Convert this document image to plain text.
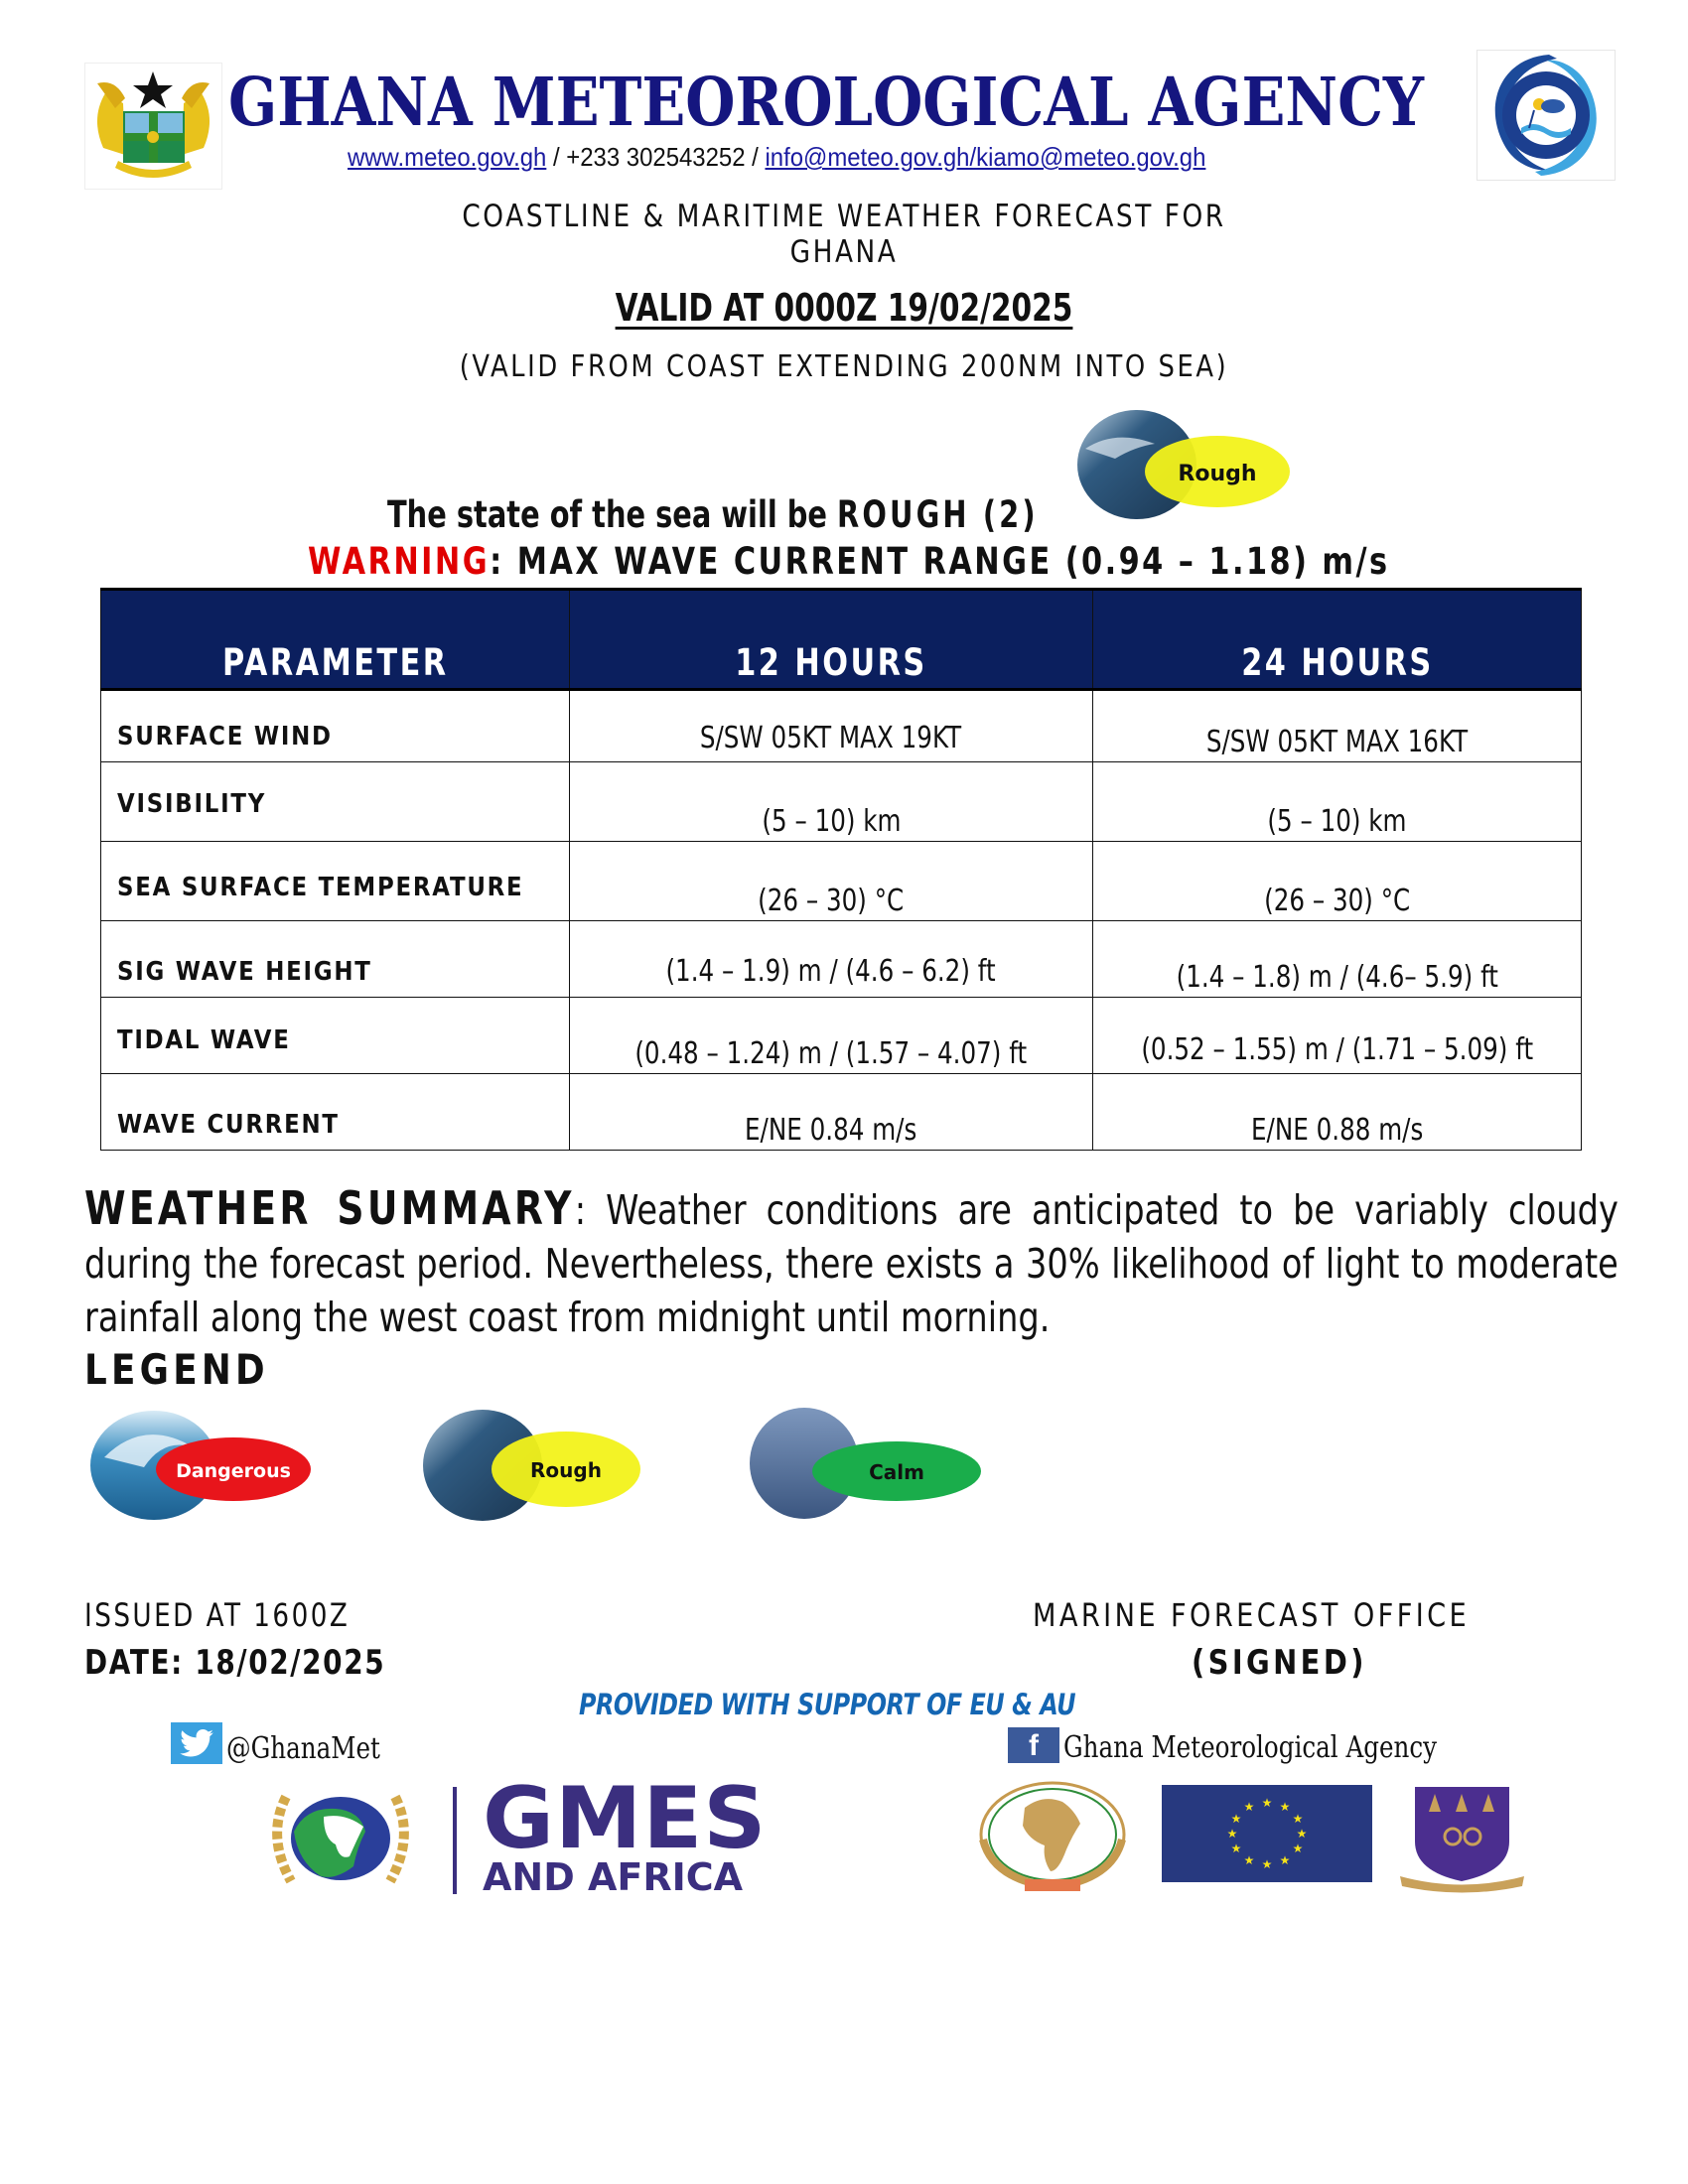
GHANA METEOROLOGICAL AGENCY
www.meteo.gov.gh / +233 302543252 / info@meteo.gov.gh/kiamo@meteo.gov.gh
COASTLINE & MARITIME WEATHER FORECAST FOR
GHANA
VALID AT 0000Z 19/02/2025
(VALID FROM COAST EXTENDING 200NM INTO SEA)
Rough
The state of the sea will be ROUGH (2)
WARNING: MAX WAVE CURRENT RANGE (0.94 – 1.18) m/s
PARAMETER	12 HOURS	24 HOURS
SURFACE WIND	S/SW 05KT MAX 19KT	S/SW 05KT MAX 16KT
VISIBILITY	(5 – 10) km	(5 – 10) km
SEA SURFACE TEMPERATURE	(26 – 30) °C	(26 – 30) °C
SIG WAVE HEIGHT	(1.4 – 1.9) m / (4.6 – 6.2) ft	(1.4 – 1.8) m / (4.6– 5.9) ft
TIDAL WAVE	(0.48 – 1.24) m / (1.57 – 4.07) ft	(0.52 – 1.55) m / (1.71 – 5.09) ft
WAVE CURRENT	E/NE 0.84 m/s	E/NE 0.88 m/s
WEATHER SUMMARY: Weather conditions are anticipated to be variably cloudy during the forecast period. Nevertheless, there exists a 30% likelihood of light to moderate rainfall along the west coast from midnight until morning.
LEGEND
Dangerous	Rough	Calm
ISSUED AT 1600Z
DATE: 18/02/2025
MARINE FORECAST OFFICE
(SIGNED)
PROVIDED WITH SUPPORT OF EU & AU
@GhanaMet	f Ghana Meteorological Agency
GMES
AND AFRICA
★ ★
★
★
★
★
★
★
★
★
★
★
